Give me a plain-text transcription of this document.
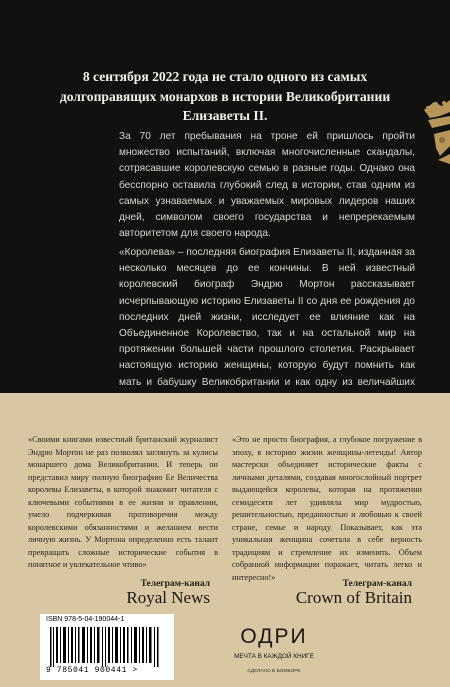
8 сентября 2022 года не стало одного из самых долгоправящих монархов в истории Великобритании Елизаветы II.
За 70 лет пребывания на троне ей пришлось пройти множество испытаний, включая многочисленные скандалы, сотрясавшие королевскую семью в разные годы. Однако она бесспорно оставила глубокий след в истории, став одним из самых узнаваемых и уважаемых мировых лидеров наших дней, символом своего государства и непререкаемым авторитетом для своего народа.
«Королева» – последняя биография Елизаветы II, изданная за несколько месяцев до ее кончины. В ней известный королевский биограф Эндрю Мортон рассказывает исчерпывающую историю Елизаветы II со дня ее рождения до последних дней жизни, исследует ее влияние как на Объединенное Королевство, так и на остальной мир на протяжении большей части прошлого столетия. Раскрывает настоящую историю женщины, которую будут помнить как мать и бабушку Великобритании и как одну из величайших
«Своими книгами известный британский журналист Эндрю Мортон не раз позволял заглянуть за кулисы монаршего дома Великобритании. И теперь он представил миру полную биографию Ее Величества королевы Елизаветы, в которой знакомит читателя с ключевыми событиями в ее жизни и правлении, умело подчеркивая противоречия между королевскими обязанностями и желанием вести личную жизнь. У Мортона определенно есть талант превращать сложные исторические события в понятное и увлекательное чтиво»
«Это не просто биография, а глубокое погружение в эпоху, в историю жизни женщины-легенды! Автор мастерски объединяет исторические факты с личными деталями, создавая многослойный портрет выдающейся королевы, которая на протяжении семидесяти лет удивляла мир мудростью, решительностью, преданностью и любовью к своей стране, семье и народу. Показывает, как эта уникальная женщина сочетала в себе верность традициям и стремление их изменять. Объем собранной информации поражает, читать легко и интересно!»
Телеграм-канал
Royal News
Телеграм-канал
Crown of Britain
ISBN 978-5-04-190044-1
9 785041 900441 >
ОДРИ
МЕЧТА В КАЖДОЙ КНИГЕ
СДЕЛАНО В БОМБОРЕ
